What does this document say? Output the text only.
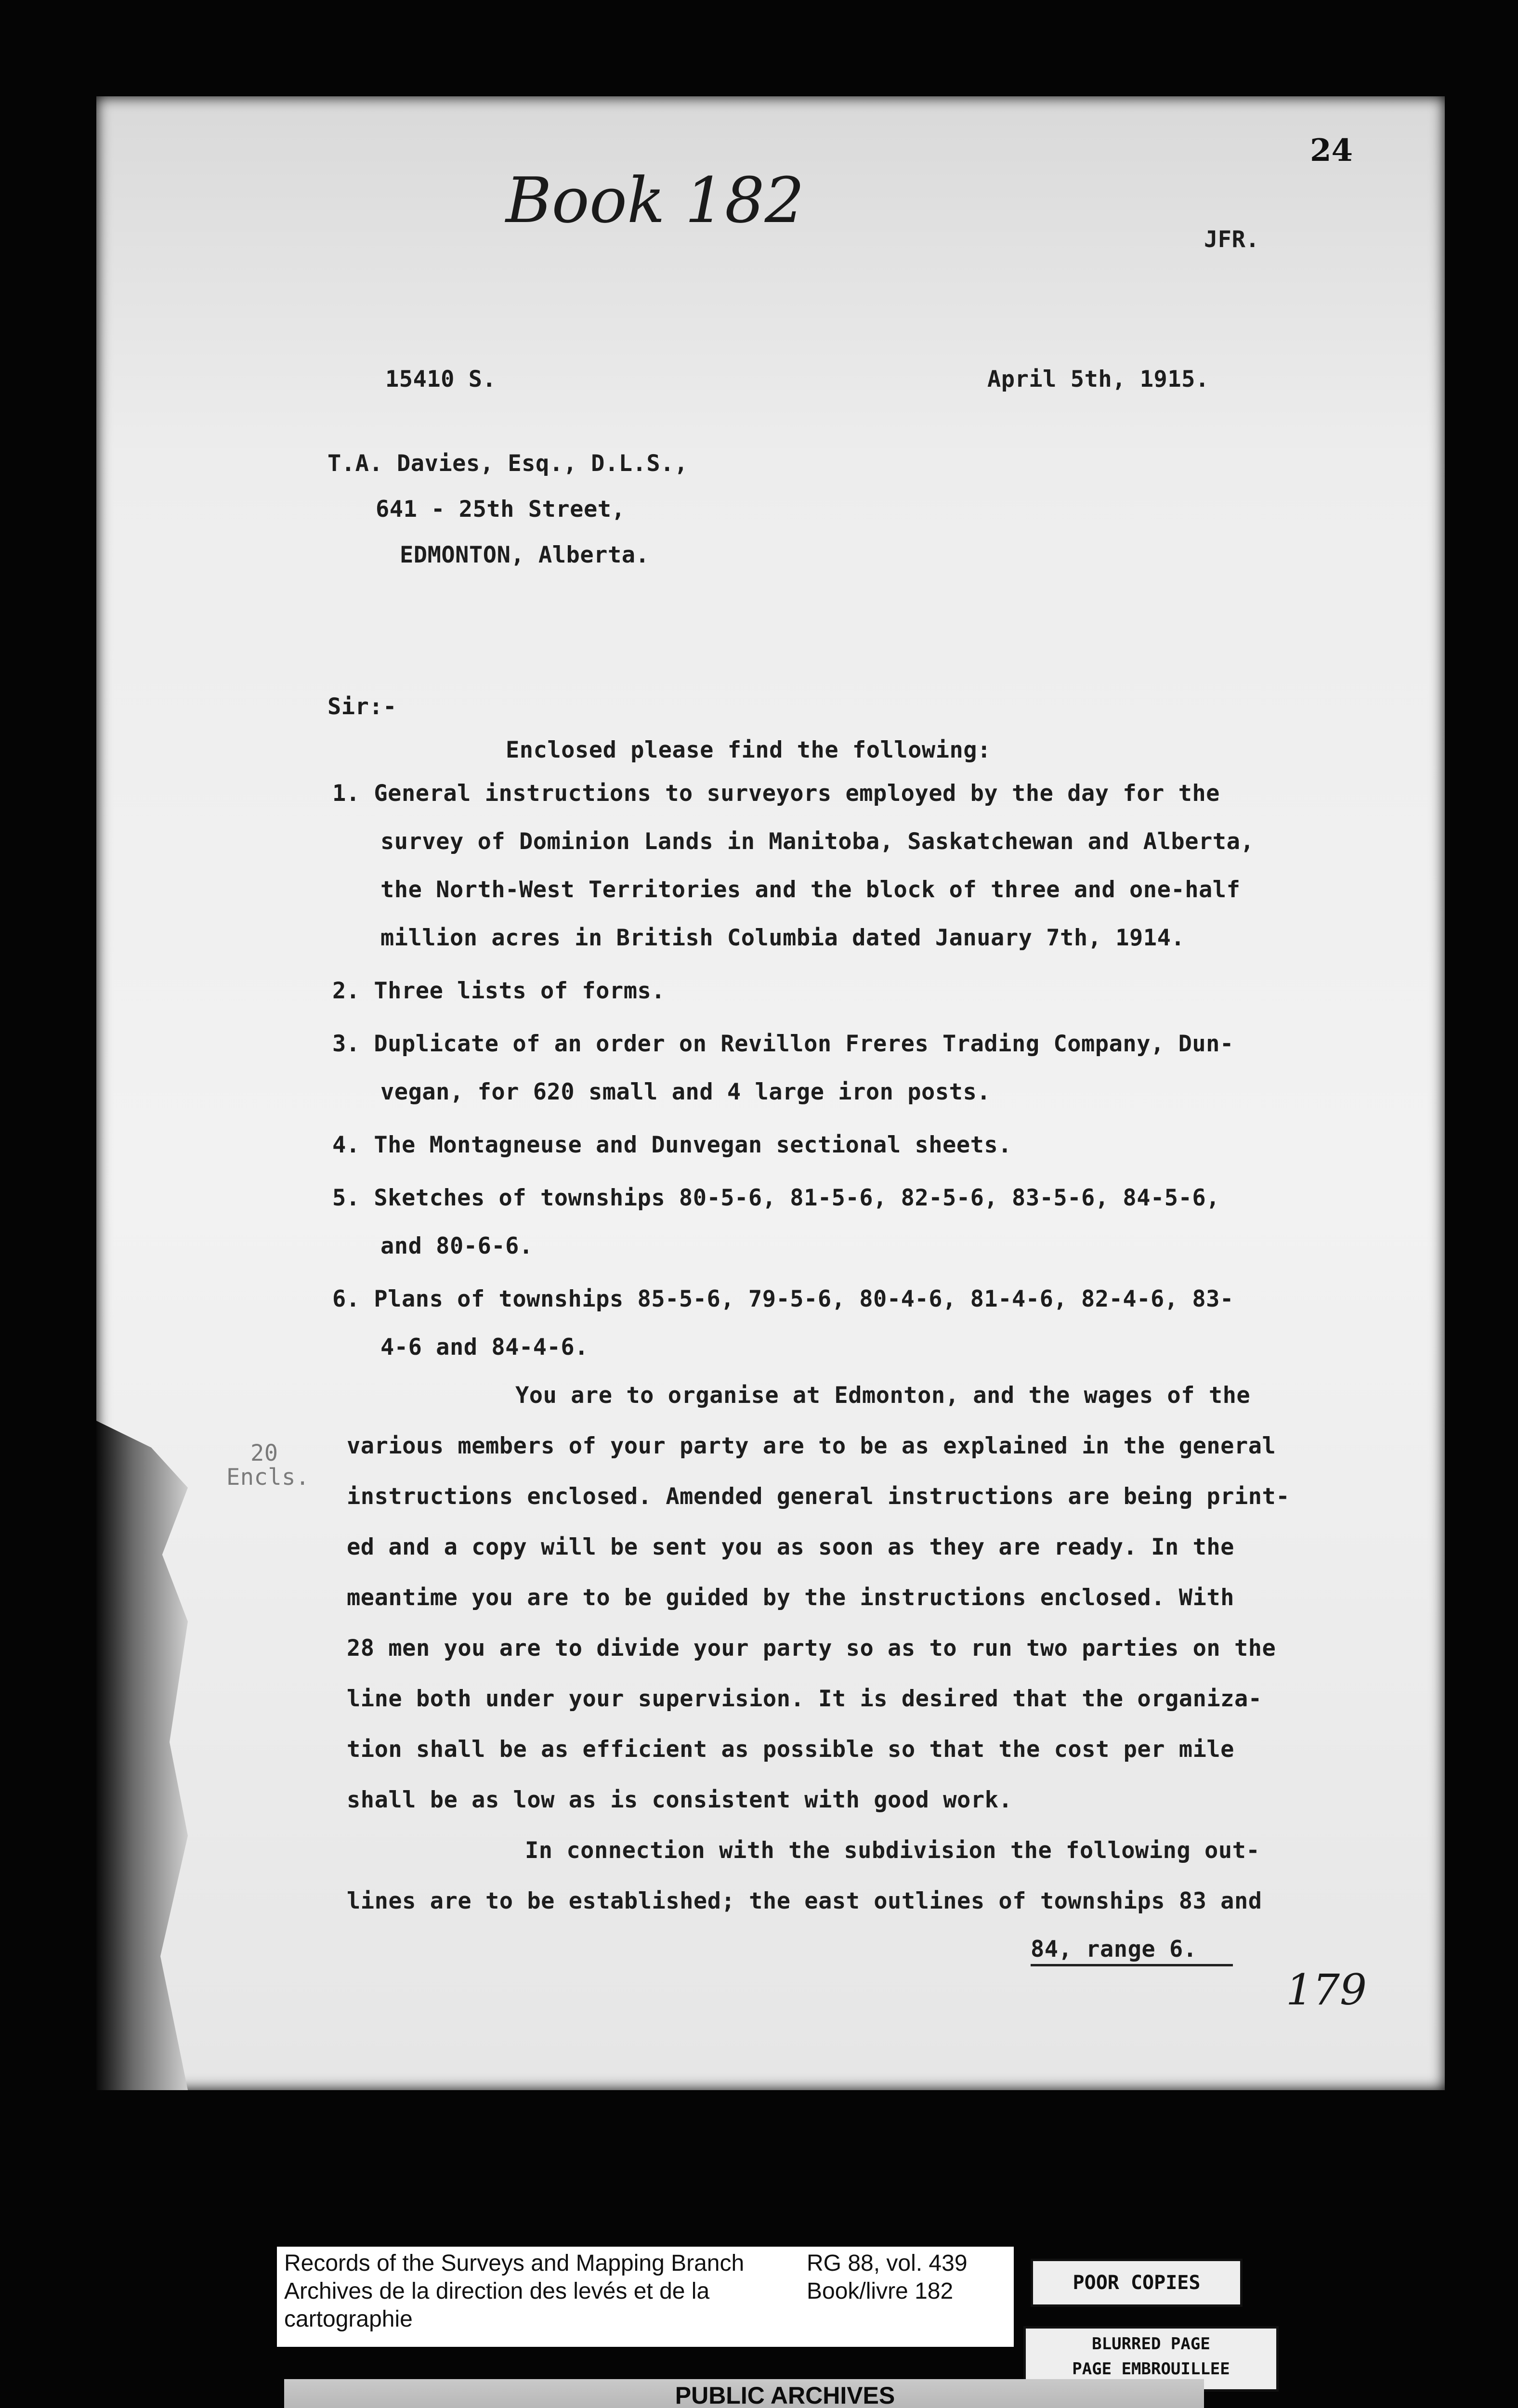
24
Book 182
JFR.
15410 S.	April 5th, 1915.
T.A. Davies, Esq., D.L.S.,
641 - 25th Street,
EDMONTON, Alberta.
Sir:-
Enclosed please find the following:
1. General instructions to surveyors employed by the day for the
survey of Dominion Lands in Manitoba, Saskatchewan and Alberta,
the North-West Territories and the block of three and one-half
million acres in British Columbia dated January 7th, 1914.
2. Three lists of forms.
3. Duplicate of an order on Revillon Freres Trading Company, Dun-
vegan, for 620 small and 4 large iron posts.
4. The Montagneuse and Dunvegan sectional sheets.
5. Sketches of townships 80-5-6, 81-5-6, 82-5-6, 83-5-6, 84-5-6,
and 80-6-6.
6. Plans of townships 85-5-6, 79-5-6, 80-4-6, 81-4-6, 82-4-6, 83-
4-6 and 84-4-6.
20
Encls.
You are to organise at Edmonton, and the wages of the
various members of your party are to be as explained in the general
instructions enclosed. Amended general instructions are being print-
ed and a copy will be sent you as soon as they are ready. In the
meantime you are to be guided by the instructions enclosed. With
28 men you are to divide your party so as to run two parties on the
line both under your supervision. It is desired that the organiza-
tion shall be as efficient as possible so that the cost per mile
shall be as low as is consistent with good work.
In connection with the subdivision the following out-
lines are to be established; the east outlines of townships 83 and
84, range 6.
179
Records of the Surveys and Mapping Branch
Archives de la direction des levés et de la
cartographie
RG 88, vol. 439
Book/livre 182	POOR COPIES
BLURRED PAGE
PAGE EMBROUILLEE
PUBLIC ARCHIVES
